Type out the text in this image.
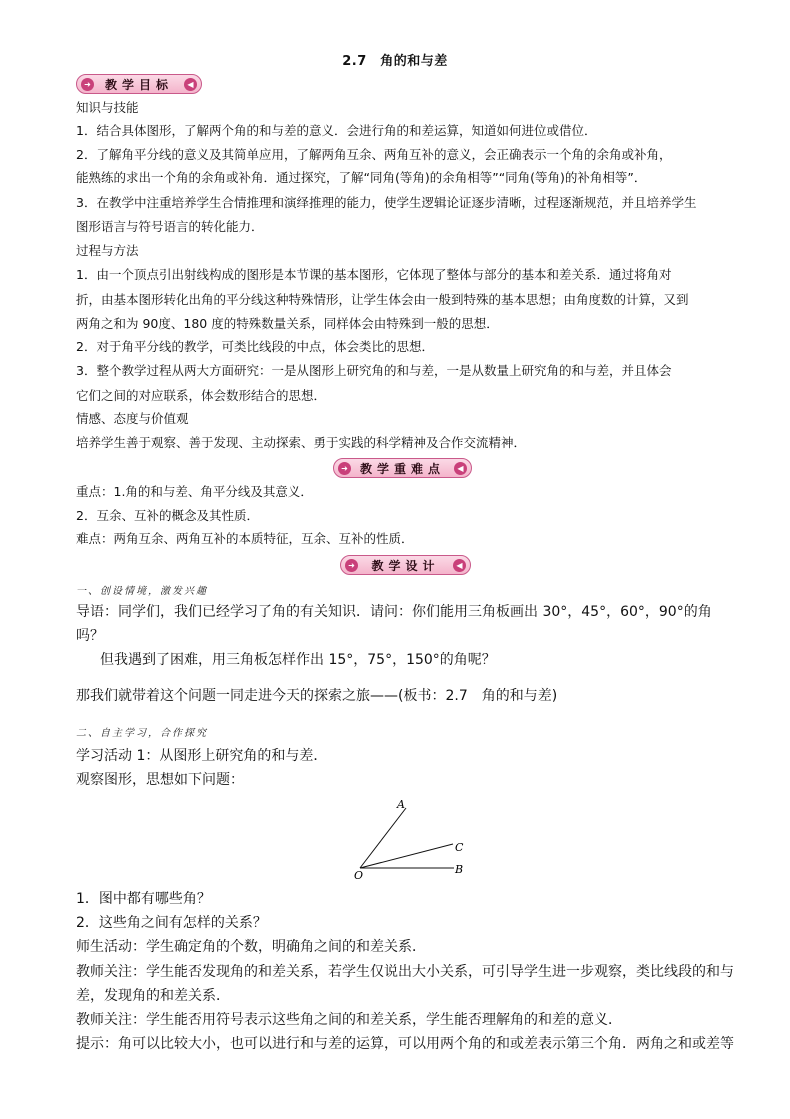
2.7　角的和与差
➜	教学目标	◀
知识与技能
1．结合具体图形，了解两个角的和与差的意义．会进行角的和差运算，知道如何进位或借位．
2．了解角平分线的意义及其简单应用，了解两角互余、两角互补的意义，会正确表示一个角的余角或补角，
能熟练的求出一个角的余角或补角．通过探究，了解“同角(等角)的余角相等”“同角(等角)的补角相等”．
3．在教学中注重培养学生合情推理和演绎推理的能力，使学生逻辑论证逐步清晰，过程逐渐规范，并且培养学生
图形语言与符号语言的转化能力．
过程与方法
1．由一个顶点引出射线构成的图形是本节课的基本图形，它体现了整体与部分的基本和差关系．通过将角对
折，由基本图形转化出角的平分线这种特殊情形，让学生体会由一般到特殊的基本思想；由角度数的计算，又到
两角之和为 90度、180 度的特殊数量关系，同样体会由特殊到一般的思想．
2．对于角平分线的教学，可类比线段的中点，体会类比的思想．
3．整个教学过程从两大方面研究：一是从图形上研究角的和与差，一是从数量上研究角的和与差，并且体会
它们之间的对应联系，体会数形结合的思想．
情感、态度与价值观
培养学生善于观察、善于发现、主动探索、勇于实践的科学精神及合作交流精神．
➜	教学重难点	◀
重点：1.角的和与差、角平分线及其意义．
2．互余、互补的概念及其性质．
难点：两角互余、两角互补的本质特征，互余、互补的性质．
➜	教学设计	◀
一、创设情境，激发兴趣
导语：同学们，我们已经学习了角的有关知识．请问：你们能用三角板画出 30°，45°，60°，90°的角
吗？
但我遇到了困难，用三角板怎样作出 15°，75°，150°的角呢？
那我们就带着这个问题一同走进今天的探索之旅——(板书：2.7　角的和与差)
二、自主学习，合作探究
学习活动 1：从图形上研究角的和与差．
观察图形，思想如下问题：
A
C
B
O
1．图中都有哪些角？
2．这些角之间有怎样的关系？
师生活动：学生确定角的个数，明确角之间的和差关系．
教师关注：学生能否发现角的和差关系，若学生仅说出大小关系，可引导学生进一步观察，类比线段的和与
差，发现角的和差关系．
教师关注：学生能否用符号表示这些角之间的和差关系，学生能否理解角的和差的意义．
提示：角可以比较大小，也可以进行和与差的运算，可以用两个角的和或差表示第三个角．两角之和或差等
